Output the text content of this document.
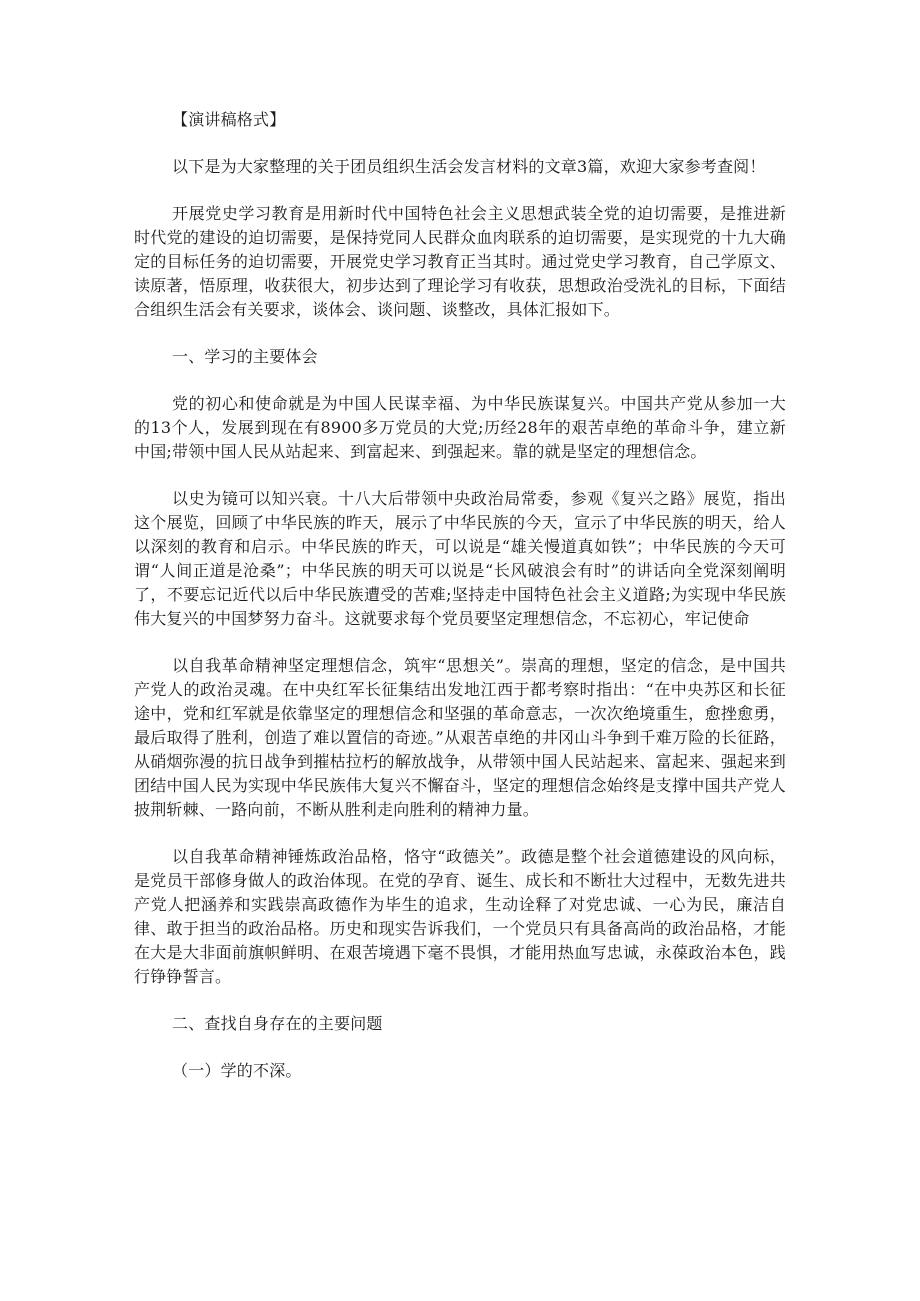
【演讲稿格式】

以下是为大家整理的关于团员组织生活会发言材料的文章3篇，欢迎大家参考查阅！

开展党史学习教育是用新时代中国特色社会主义思想武装全党的迫切需要，是推进新时代党的建设的迫切需要，是保持党同人民群众血肉联系的迫切需要，是实现党的十九大确定的目标任务的迫切需要，开展党史学习教育正当其时。通过党史学习教育，自己学原文、读原著，悟原理，收获很大，初步达到了理论学习有收获，思想政治受洗礼的目标，下面结合组织生活会有关要求，谈体会、谈问题、谈整改，具体汇报如下。

一、学习的主要体会

党的初心和使命就是为中国人民谋幸福、为中华民族谋复兴。中国共产党从参加一大的13个人，发展到现在有8900多万党员的大党;历经28年的艰苦卓绝的革命斗争，建立新中国;带领中国人民从站起来、到富起来、到强起来。靠的就是坚定的理想信念。

以史为镜可以知兴衰。十八大后带领中央政治局常委，参观《复兴之路》展览，指出这个展览，回顾了中华民族的昨天，展示了中华民族的今天，宣示了中华民族的明天，给人以深刻的教育和启示。中华民族的昨天，可以说是“雄关慢道真如铁”；中华民族的今天可谓“人间正道是沧桑”；中华民族的明天可以说是“长风破浪会有时”的讲话向全党深刻阐明了，不要忘记近代以后中华民族遭受的苦难;坚持走中国特色社会主义道路;为实现中华民族伟大复兴的中国梦努力奋斗。这就要求每个党员要坚定理想信念，不忘初心，牢记使命

以自我革命精神坚定理想信念，筑牢“思想关”。崇高的理想，坚定的信念，是中国共产党人的政治灵魂。在中央红军长征集结出发地江西于都考察时指出：“在中央苏区和长征途中，党和红军就是依靠坚定的理想信念和坚强的革命意志，一次次绝境重生，愈挫愈勇，最后取得了胜利，创造了难以置信的奇迹。”从艰苦卓绝的井冈山斗争到千难万险的长征路，从硝烟弥漫的抗日战争到摧枯拉朽的解放战争，从带领中国人民站起来、富起来、强起来到团结中国人民为实现中华民族伟大复兴不懈奋斗，坚定的理想信念始终是支撑中国共产党人披荆斩棘、一路向前，不断从胜利走向胜利的精神力量。

以自我革命精神锤炼政治品格，恪守“政德关”。政德是整个社会道德建设的风向标，是党员干部修身做人的政治体现。在党的孕育、诞生、成长和不断壮大过程中，无数先进共产党人把涵养和实践崇高政德作为毕生的追求，生动诠释了对党忠诚、一心为民，廉洁自律、敢于担当的政治品格。历史和现实告诉我们，一个党员只有具备高尚的政治品格，才能在大是大非面前旗帜鲜明、在艰苦境遇下毫不畏惧，才能用热血写忠诚，永葆政治本色，践行铮铮誓言。

二、查找自身存在的主要问题

（一）学的不深。
